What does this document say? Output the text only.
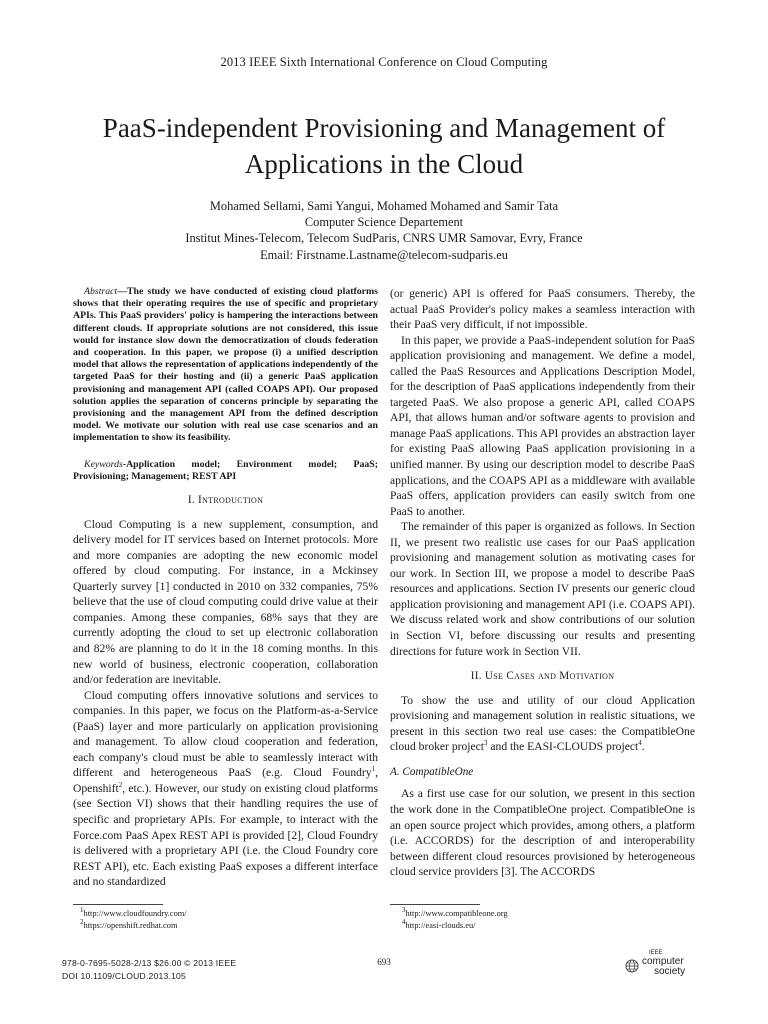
2013 IEEE Sixth International Conference on Cloud Computing
PaaS-independent Provisioning and Management of
Applications in the Cloud
Mohamed Sellami, Sami Yangui, Mohamed Mohamed and Samir Tata
Computer Science Departement
Institut Mines-Telecom, Telecom SudParis, CNRS UMR Samovar, Evry, France
Email: Firstname.Lastname@telecom-sudparis.eu
Abstract—The study we have conducted of existing cloud platforms shows that their operating requires the use of specific and proprietary APIs. This PaaS providers' policy is hampering the interactions between different clouds. If appropriate solutions are not considered, this issue would for instance slow down the democratization of clouds federation and cooperation. In this paper, we propose (i) a unified description model that allows the representation of applications independently of the targeted PaaS for their hosting and (ii) a generic PaaS application provisioning and management API (called COAPS API). Our proposed solution applies the separation of concerns principle by separating the provisioning and the management API from the defined description model. We motivate our solution with real use case scenarios and an implementation to show its feasibility.
Keywords-Application model; Environment model; PaaS; Provisioning; Management; REST API

I. Introduction

Cloud Computing is a new supplement, consumption, and delivery model for IT services based on Internet protocols. More and more companies are adopting the new economic model offered by cloud computing. For instance, in a Mckinsey Quarterly survey [1] conducted in 2010 on 332 companies, 75% believe that the use of cloud computing could drive value at their companies. Among these companies, 68% says that they are currently adopting the cloud to set up electronic collaboration and 82% are planning to do it in the 18 coming months. In this new world of business, electronic cooperation, collaboration and/or federation are inevitable.

Cloud computing offers innovative solutions and services to companies. In this paper, we focus on the Platform-as-a-Service (PaaS) layer and more particularly on application provisioning and management. To allow cloud cooperation and federation, each company's cloud must be able to seamlessly interact with different and heterogeneous PaaS (e.g. Cloud Foundry$^1$, Openshift$^2$, etc.). However, our study on existing cloud platforms (see Section VI) shows that their handling requires the use of specific and proprietary APIs. For example, to interact with the Force.com PaaS Apex REST API is provided [2], Cloud Foundry is delivered with a proprietary API (i.e. the Cloud Foundry core REST API), etc. Each existing PaaS exposes a different interface and no standardized

(or generic) API is offered for PaaS consumers. Thereby, the actual PaaS Provider's policy makes a seamless interaction with their PaaS very difficult, if not impossible.

In this paper, we provide a PaaS-independent solution for PaaS application provisioning and management. We define a model, called the PaaS Resources and Applications Description Model, for the description of PaaS applications independently from their targeted PaaS. We also propose a generic API, called COAPS API, that allows human and/or software agents to provision and manage PaaS applications. This API provides an abstraction layer for existing PaaS allowing PaaS application provisioning in a unified manner. By using our description model to describe PaaS applications, and the COAPS API as a middleware with available PaaS offers, application providers can easily switch from one PaaS to another.

The remainder of this paper is organized as follows. In Section II, we present two realistic use cases for our PaaS application provisioning and management solution as motivating cases for our work. In Section III, we propose a model to describe PaaS resources and applications. Section IV presents our generic cloud application provisioning and management API (i.e. COAPS API). We discuss related work and show contributions of our solution in Section VI, before discussing our results and presenting directions for future work in Section VII.

II. Use Cases and Motivation

To show the use and utility of our cloud Application provisioning and management solution in realistic situations, we present in this section two real use cases: the CompatibleOne cloud broker project$^3$ and the EASI-CLOUDS project$^4$.

A. CompatibleOne

As a first use case for our solution, we present in this section the work done in the CompatibleOne project. CompatibleOne is an open source project which provides, among others, a platform (i.e. ACCORDS) for the description of and interoperability between different cloud resources provisioned by heterogeneous cloud service providers [3]. The ACCORDS

$^1$http://www.cloudfoundry.com/
$^2$https://openshift.redhat.com
$^3$http://www.compatibleone.org
$^4$http://easi-clouds.eu/
978-0-7695-5028-2/13 $26.00 © 2013 IEEE
DOI 10.1109/CLOUD.2013.105
693
IEEE
computer
society
